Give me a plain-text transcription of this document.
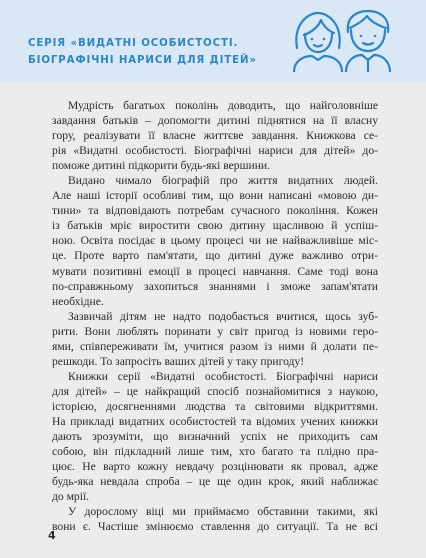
СЕРІЯ «ВИДАТНІ ОСОБИСТОСТІ.
БІОГРАФІЧНІ НАРИСИ ДЛЯ ДІТЕЙ»

Мудрість багатьох поколінь доводить, що найголовніше
завдання батьків – допомогти дитині піднятися на її власну
гору, реалізувати її власне життєве завдання. Книжкова се-
рія «Видатні особистості. Біографічні нариси для дітей» до-
поможе дитині підкорити будь-які вершини.

Видано чимало біографій про життя видатних людей.
Але наші історії особливі тим, що вони написані «мовою ди-
тини» та відповідають потребам сучасного покоління. Кожен
із батьків мріє виростити свою дитину щасливою й успіш-
ною. Освіта посідає в цьому процесі чи не найважливіше міс-
це. Проте варто пам'ятати, що дитині дуже важливо отри-
мувати позитивні емоції в процесі навчання. Саме тоді вона
по-справжньому захопиться знаннями і зможе запам'ятати
необхідне.

Зазвичай дітям не надто подобається вчитися, щось зуб-
рити. Вони люблять поринати у світ пригод із новими геро-
ями, співпереживати їм, учитися разом із ними й долати пе-
решкоди. То запросіть ваших дітей у таку пригоду!

Книжки серії «Видатні особистості. Біографічні нариси
для дітей» – це найкращий спосіб познайомитися з наукою,
історією, досягненнями людства та світовими відкриттями.
На прикладі видатних особистостей та відомих учених книжки
дають зрозуміти, що визначний успіх не приходить сам
собою, він підкладний лише тим, хто багато та плідно пра-
цює. Не варто кожну невдачу розцінювати як провал, адже
будь-яка невдала спроба – це ще один крок, який наближає
до мрії.

У дорослому віці ми приймаємо обставини такими, які
вони є. Частіше змінюємо ставлення до ситуації. Та не всі

4
